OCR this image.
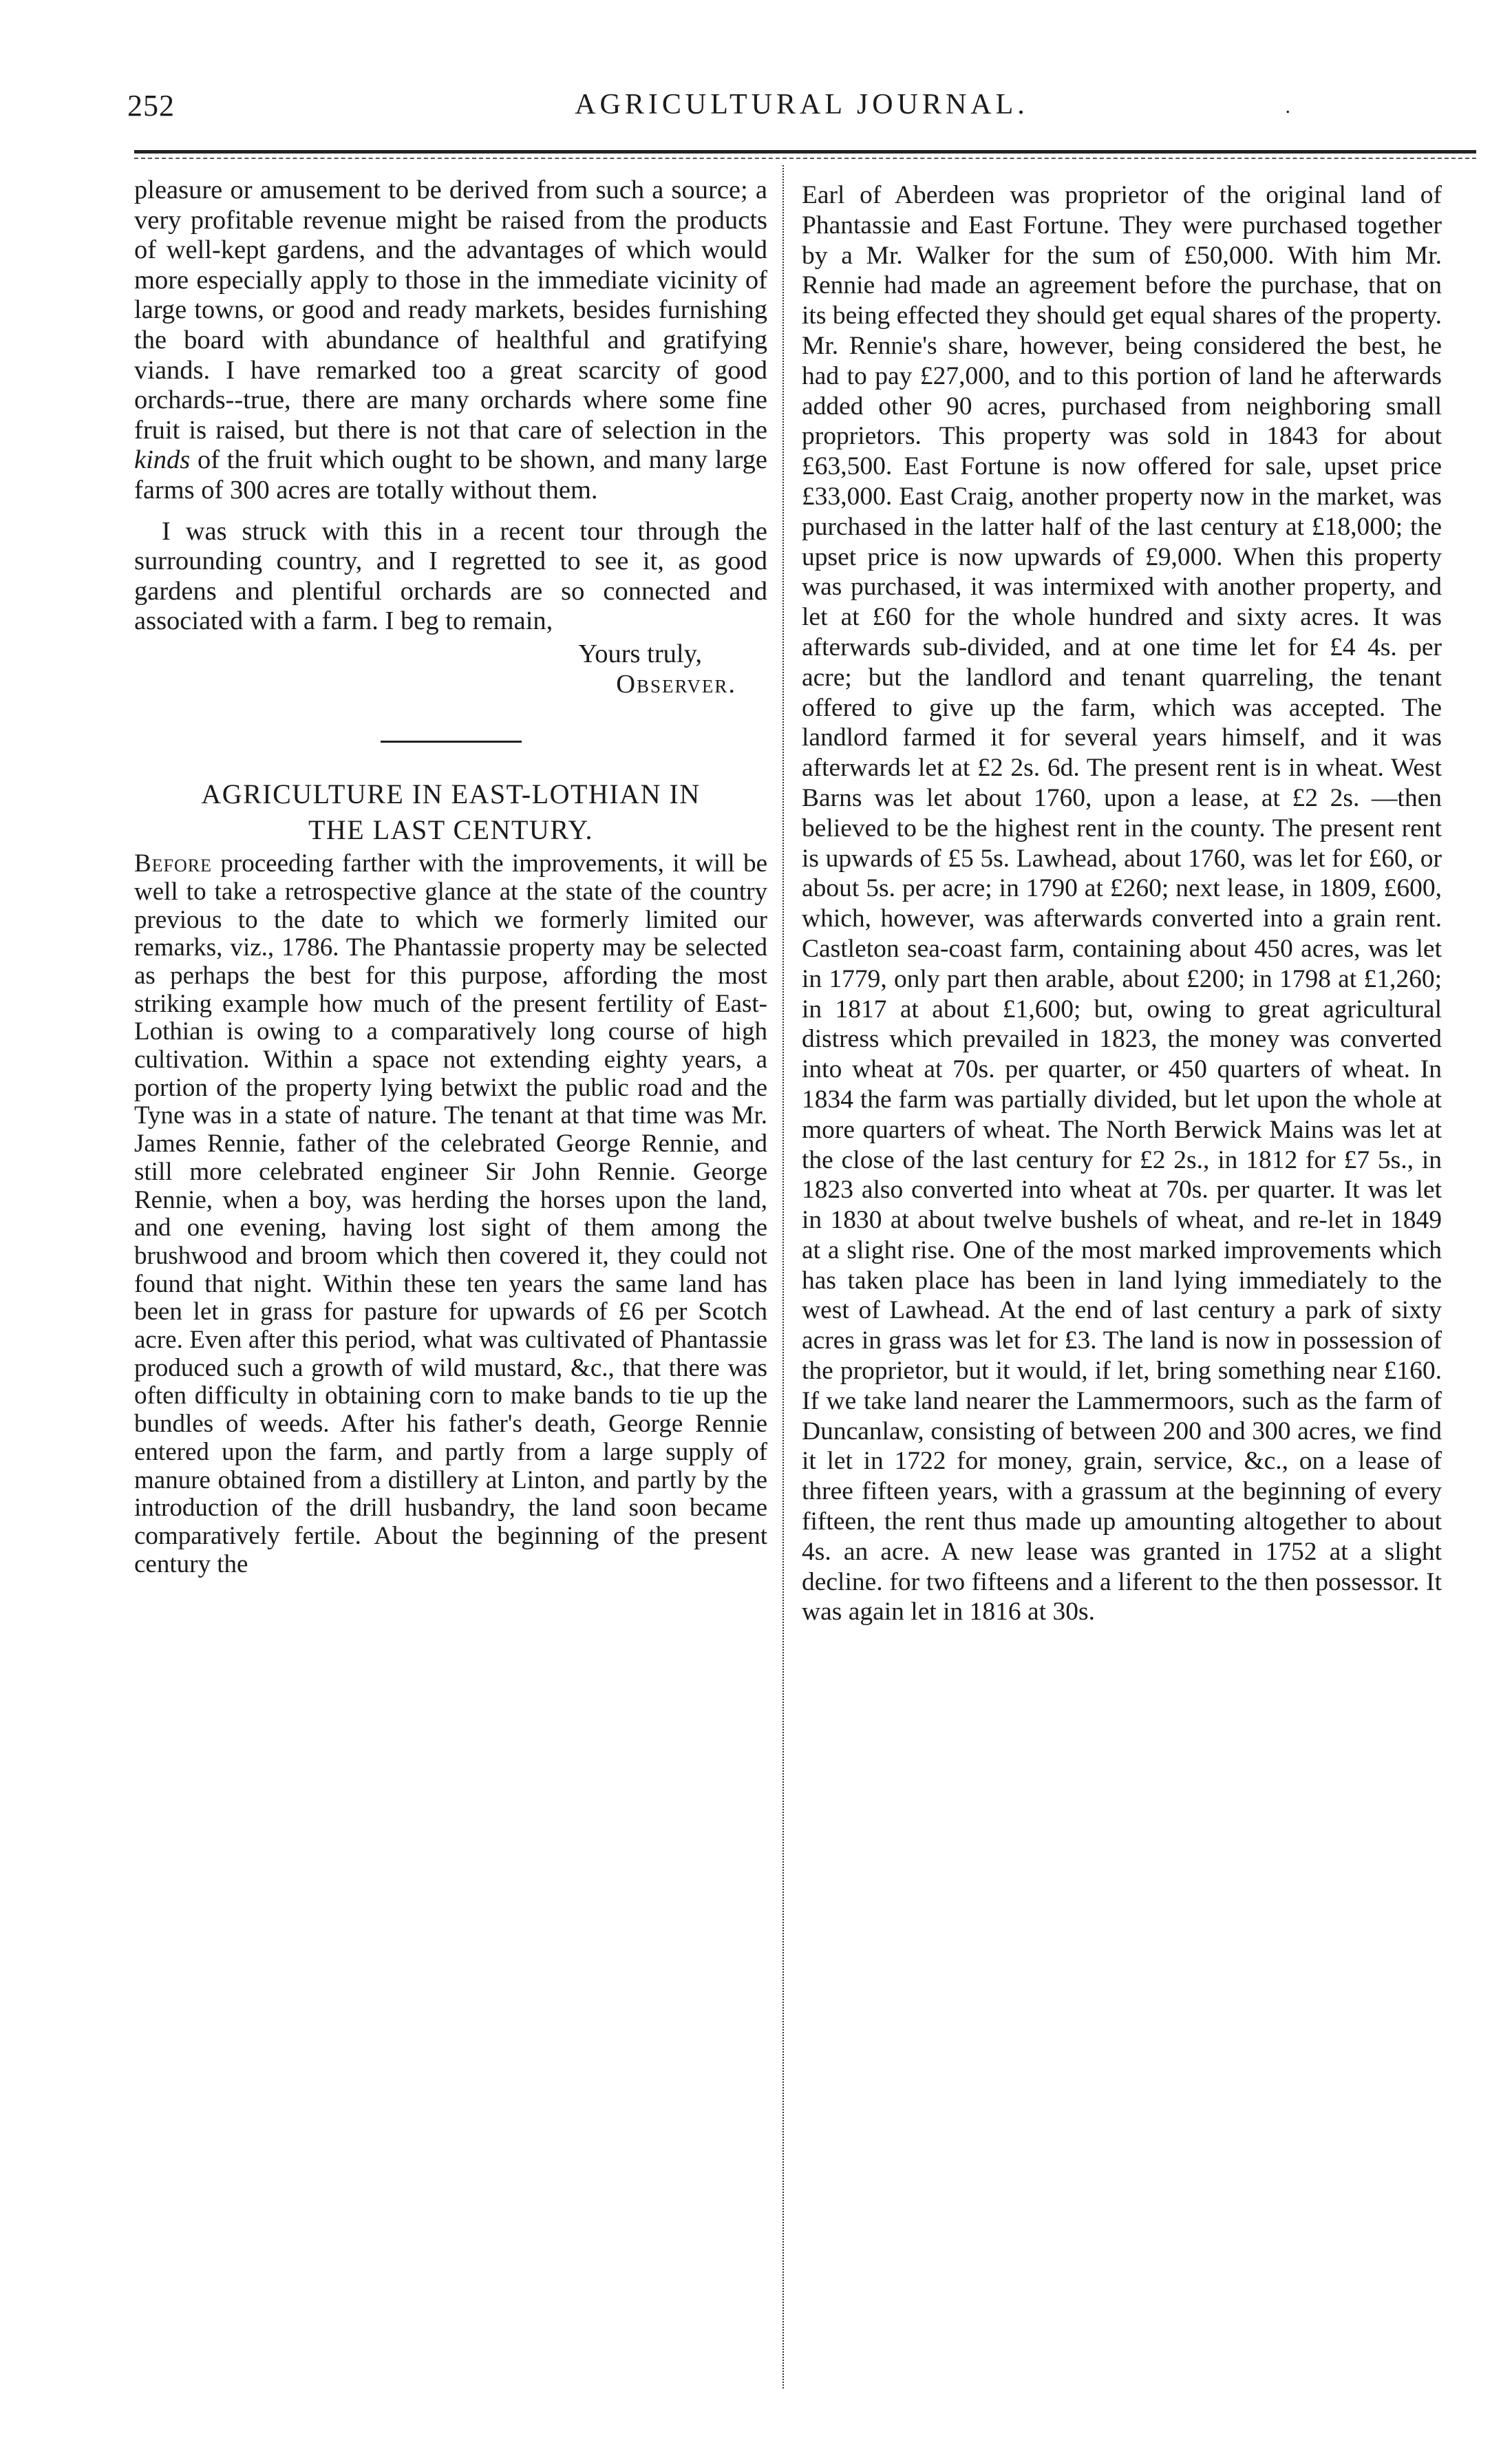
252	AGRICULTURAL JOURNAL.	.

pleasure or amusement to be derived from such a source; a very profitable revenue might be raised from the products of well-kept gardens, and the advantages of which would more especially apply to those in the immediate vicinity of large towns, or good and ready markets, besides furnishing the board with abundance of healthful and gratifying viands. I have remarked too a great scarcity of good orchards--true, there are many orchards where some fine fruit is raised, but there is not that care of selection in the kinds of the fruit which ought to be shown, and many large farms of 300 acres are totally without them.

I was struck with this in a recent tour through the surrounding country, and I regretted to see it, as good gardens and plentiful orchards are so connected and associated with a farm. I beg to remain,

Yours truly,

Observer.

AGRICULTURE IN EAST-LOTHIAN IN

THE LAST CENTURY.

Before proceeding farther with the improvements, it will be well to take a retrospective glance at the state of the country previous to the date to which we formerly limited our remarks, viz., 1786. The Phantassie property may be selected as perhaps the best for this purpose, affording the most striking example how much of the present fertility of East-Lothian is owing to a comparatively long course of high cultivation. Within a space not extending eighty years, a portion of the property lying betwixt the public road and the Tyne was in a state of nature. The tenant at that time was Mr. James Rennie, father of the celebrated George Rennie, and still more celebrated engineer Sir John Rennie. George Rennie, when a boy, was herding the horses upon the land, and one evening, having lost sight of them among the brushwood and broom which then covered it, they could not found that night. Within these ten years the same land has been let in grass for pasture for upwards of £6 per Scotch acre. Even after this period, what was cultivated of Phantassie produced such a growth of wild mustard, &c., that there was often difficulty in obtaining corn to make bands to tie up the bundles of weeds. After his father's death, George Rennie entered upon the farm, and partly from a large supply of manure obtained from a distillery at Linton, and partly by the introduction of the drill husbandry, the land soon became comparatively fertile. About the beginning of the present century the

Earl of Aberdeen was proprietor of the original land of Phantassie and East Fortune. They were purchased together by a Mr. Walker for the sum of £50,000. With him Mr. Rennie had made an agreement before the purchase, that on its being effected they should get equal shares of the property. Mr. Rennie's share, however, being considered the best, he had to pay £27,000, and to this portion of land he afterwards added other 90 acres, purchased from neighboring small proprietors. This property was sold in 1843 for about £63,500. East Fortune is now offered for sale, upset price £33,000. East Craig, another property now in the market, was purchased in the latter half of the last century at £18,000; the upset price is now upwards of £9,000. When this property was purchased, it was intermixed with another property, and let at £60 for the whole hundred and sixty acres. It was afterwards sub-divided, and at one time let for £4 4s. per acre; but the landlord and tenant quarreling, the tenant offered to give up the farm, which was accepted. The landlord farmed it for several years himself, and it was afterwards let at £2 2s. 6d. The present rent is in wheat. West Barns was let about 1760, upon a lease, at £2 2s. —then believed to be the highest rent in the county. The present rent is upwards of £5 5s. Lawhead, about 1760, was let for £60, or about 5s. per acre; in 1790 at £260; next lease, in 1809, £600, which, however, was afterwards converted into a grain rent. Castleton sea-coast farm, containing about 450 acres, was let in 1779, only part then arable, about £200; in 1798 at £1,260; in 1817 at about £1,600; but, owing to great agricultural distress which prevailed in 1823, the money was converted into wheat at 70s. per quarter, or 450 quarters of wheat. In 1834 the farm was partially divided, but let upon the whole at more quarters of wheat. The North Berwick Mains was let at the close of the last century for £2 2s., in 1812 for £7 5s., in 1823 also converted into wheat at 70s. per quarter. It was let in 1830 at about twelve bushels of wheat, and re-let in 1849 at a slight rise. One of the most marked improvements which has taken place has been in land lying immediately to the west of Lawhead. At the end of last century a park of sixty acres in grass was let for £3. The land is now in possession of the proprietor, but it would, if let, bring something near £160. If we take land nearer the Lammermoors, such as the farm of Duncanlaw, consisting of between 200 and 300 acres, we find it let in 1722 for money, grain, service, &c., on a lease of three fifteen years, with a grassum at the beginning of every fifteen, the rent thus made up amounting altogether to about 4s. an acre. A new lease was granted in 1752 at a slight decline. for two fifteens and a liferent to the then possessor. It was again let in 1816 at 30s.
